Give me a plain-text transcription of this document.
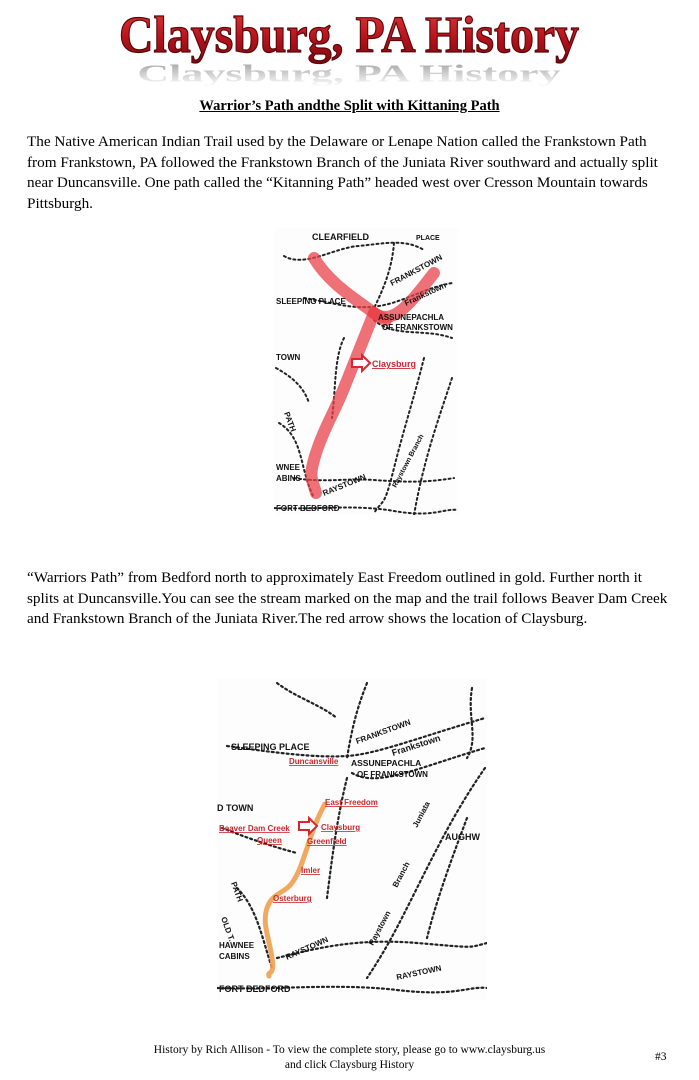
Claysburg, PA History
Claysburg, PA History
Warrior’s Path andthe Split with Kittaning Path

The Native American Indian Trail used by the Delaware or Lenape Nation called the Frankstown Path from Frankstown, PA followed the Frankstown Branch of the Juniata River southward and actually split near Duncansville. One path called the “Kitanning Path” headed west over Cresson Mountain towards Pittsburgh.

CLEARFIELD	PLACE
SLEEPING PLACE
FRANKSTOWN
Frankstown
ASSUNEPACHLA
OF FRANKSTOWN
TOWN
Claysburg
PATH
WNEE
ABINS	RAYSTOWN	Raystown Branch
FORT BEDFORD

“Warriors Path” from Bedford north to approximately East Freedom outlined in gold. Further north it splits at Duncansville.You can see the stream marked on the map and the trail follows Beaver Dam Creek and Frankstown Branch of the Juniata River.The red arrow shows the location of Claysburg.

SLEEPING PLACE
FRANKSTOWN
Frankstown
Duncansville ASSUNEPACHLA
OF FRANKSTOWN
D TOWN
East Freedom
Beaver Dam Creek	Claysburg
Queen	Greenfield
Imler
Osterburg
Branch
Juniata
Raystown
AUGHW
RAYSTOWN
RAYSTOWN
HAWNEE
CABINS
FORT BEDFORD
PATH
OLD T.
History by Rich Allison - To view the complete story, please go to www.claysburg.us
and click Claysburg History
#3
